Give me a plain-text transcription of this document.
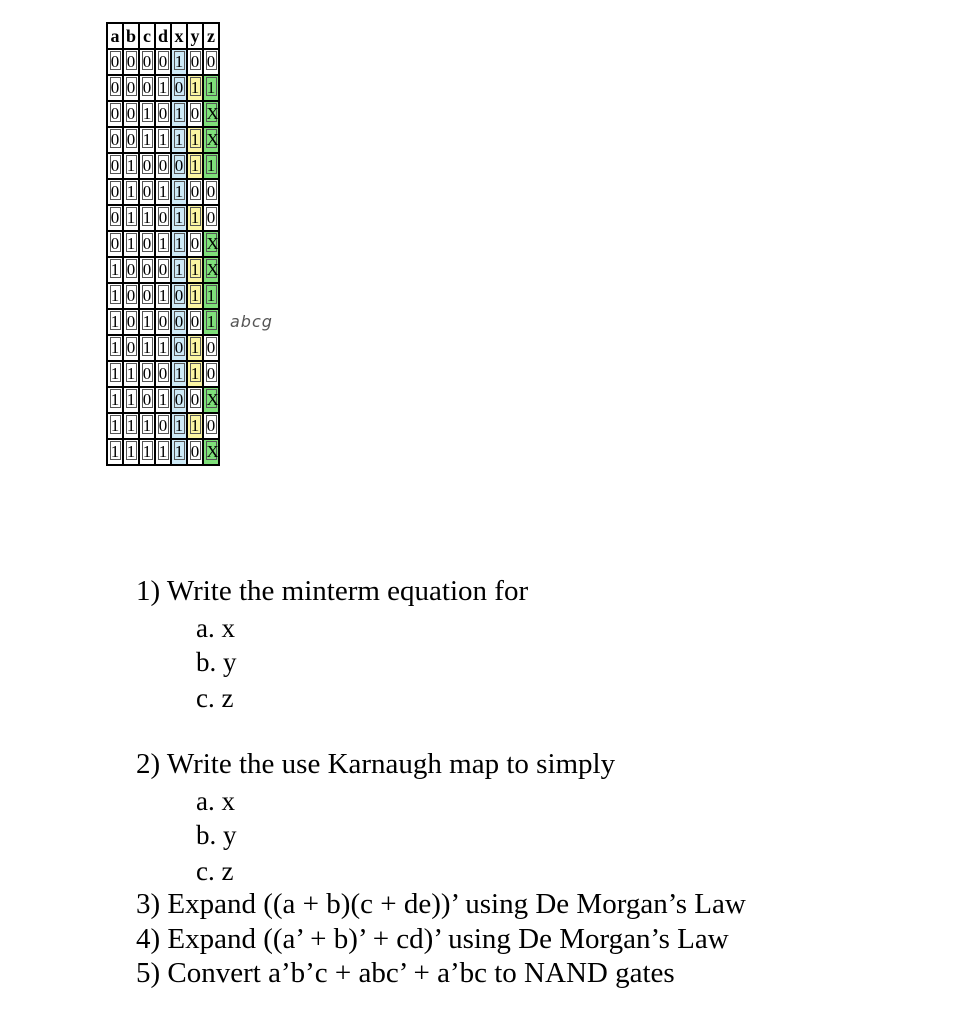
a	b	c	d	x	y	z
0	0	0	0	1	0	0
0	0	0	1	0	1	1
0	0	1	0	1	0	X
0	0	1	1	1	1	X
0	1	0	0	0	1	1
0	1	0	1	1	0	0
0	1	1	0	1	1	0
0	1	0	1	1	0	X
1	0	0	0	1	1	X
1	0	0	1	0	1	1
1	0	1	0	0	0	1
1	0	1	1	0	1	0
1	1	0	0	1	1	0
1	1	0	1	0	0	X
1	1	1	0	1	1	0
1	1	1	1	1	0	X
abcg
1) Write the minterm equation for
a. x
b. y
c. z
2) Write the use Karnaugh map to simply
a. x
b. y
c. z
3) Expand ((a + b)(c + de))’ using De Morgan’s Law
4) Expand ((a’ + b)’ + cd)’ using De Morgan’s Law
5) Convert a’b’c + abc’ + a’bc to NAND gates
